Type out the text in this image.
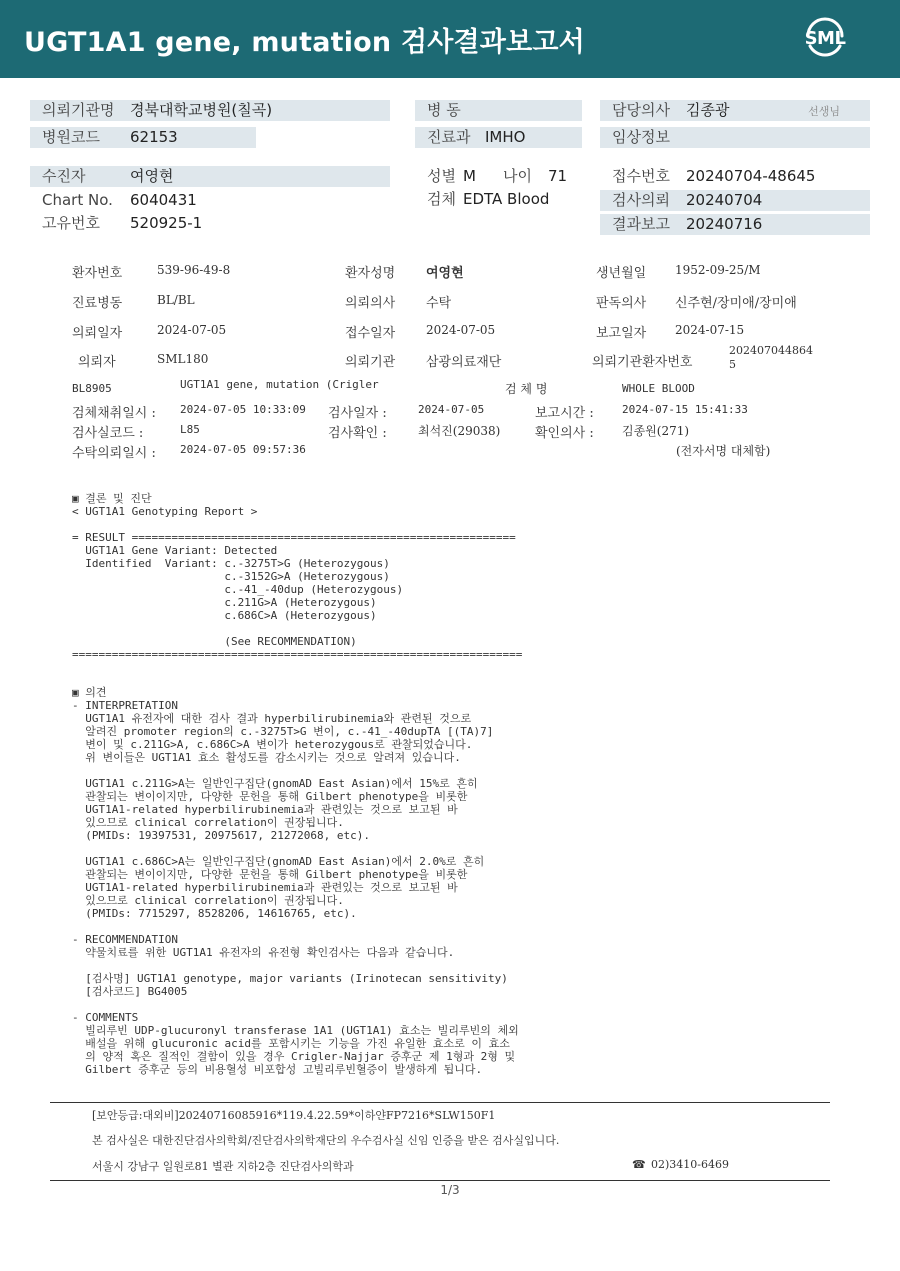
UGT1A1 gene, mutation 검사결과보고서	SML
의뢰기관명 경북대학교병원(칠곡)	병 동	담당의사 김종광	선생님
병원코드 62153	진료과 IMHO	임상정보
수진자	여영현	성별 M 나이 71	접수번호 20240704-48645
Chart No. 6040431	검체 EDTA Blood	검사의뢰 20240704
고유번호 520925-1	결과보고 20240716
환자번호	539-96-49-8	환자성명 여영현	생년월일 1952-09-25/M
진료병동	BL/BL	의뢰의사 수탁	판독의사 신주현/장미애/장미애
의뢰일자	2024-07-05	접수일자	2024-07-05	보고일자 2024-07-15
의뢰자	SML180	의뢰기관 삼광의료재단	의뢰기관환자번호
202407044864
5
BL8905	UGT1A1 gene, mutation (Crigler	검 체 명	WHOLE BLOOD
검체채취일시 : 2024-07-05 10:33:09 검사일자 :	2024-07-05	보고시간 :	2024-07-15 15:41:33
검사실코드 :	L85	검사확인 :	최석진(29038)	확인의사 : 김종원(271)
수탁의뢰일시 : 2024-07-05 09:57:36	(전자서명 대체함)
▣ 결론 및 진단
< UGT1A1 Genotyping Report >

= RESULT ==========================================================
UGT1A1 Gene Variant: Detected
Identified  Variant: c.-3275T>G (Heterozygous)
c.-3152G>A (Heterozygous)
c.-41_-40dup (Heterozygous)
c.211G>A (Heterozygous)
c.686C>A (Heterozygous)

(See RECOMMENDATION)
====================================================================
▣ 의견
- INTERPRETATION
UGT1A1 유전자에 대한 검사 결과 hyperbilirubinemia와 관련된 것으로
알려진 promoter region의 c.-3275T>G 변이, c.-41_-40dupTA [(TA)7]
변이 및 c.211G>A, c.686C>A 변이가 heterozygous로 관찰되었습니다.
위 변이들은 UGT1A1 효소 활성도를 감소시키는 것으로 알려져 있습니다.

UGT1A1 c.211G>A는 일반인구집단(gnomAD East Asian)에서 15%로 흔히
관찰되는 변이이지만, 다양한 문헌을 통해 Gilbert phenotype을 비롯한
UGT1A1-related hyperbilirubinemia과 관련있는 것으로 보고된 바
있으므로 clinical correlation이 권장됩니다.
(PMIDs: 19397531, 20975617, 21272068, etc).

UGT1A1 c.686C>A는 일반인구집단(gnomAD East Asian)에서 2.0%로 흔히
관찰되는 변이이지만, 다양한 문헌을 통해 Gilbert phenotype을 비롯한
UGT1A1-related hyperbilirubinemia과 관련있는 것으로 보고된 바
있으므로 clinical correlation이 권장됩니다.
(PMIDs: 7715297, 8528206, 14616765, etc).

- RECOMMENDATION
약물치료를 위한 UGT1A1 유전자의 유전형 확인검사는 다음과 같습니다.

[검사명] UGT1A1 genotype, major variants (Irinotecan sensitivity)
[검사코드] BG4005

- COMMENTS
빌리루빈 UDP-glucuronyl transferase 1A1 (UGT1A1) 효소는 빌리루빈의 체외
배설을 위해 glucuronic acid를 포함시키는 기능을 가진 유일한 효소로 이 효소
의 양적 혹은 질적인 결함이 있을 경우 Crigler-Najjar 증후군 제 1형과 2형 및
Gilbert 증후군 등의 비용혈성 비포합성 고빌리루빈혈증이 발생하게 됩니다.
[보안등급:대외비]20240716085916*119.4.22.59*이하얀FP7216*SLW150F1
본 검사실은 대한진단검사의학회/진단검사의학재단의 우수검사실 신임 인증을 받은 검사실입니다.
서울시 강남구 일원로81 별관 지하2층 진단검사의학과	☎ 02)3410-6469
1/3
